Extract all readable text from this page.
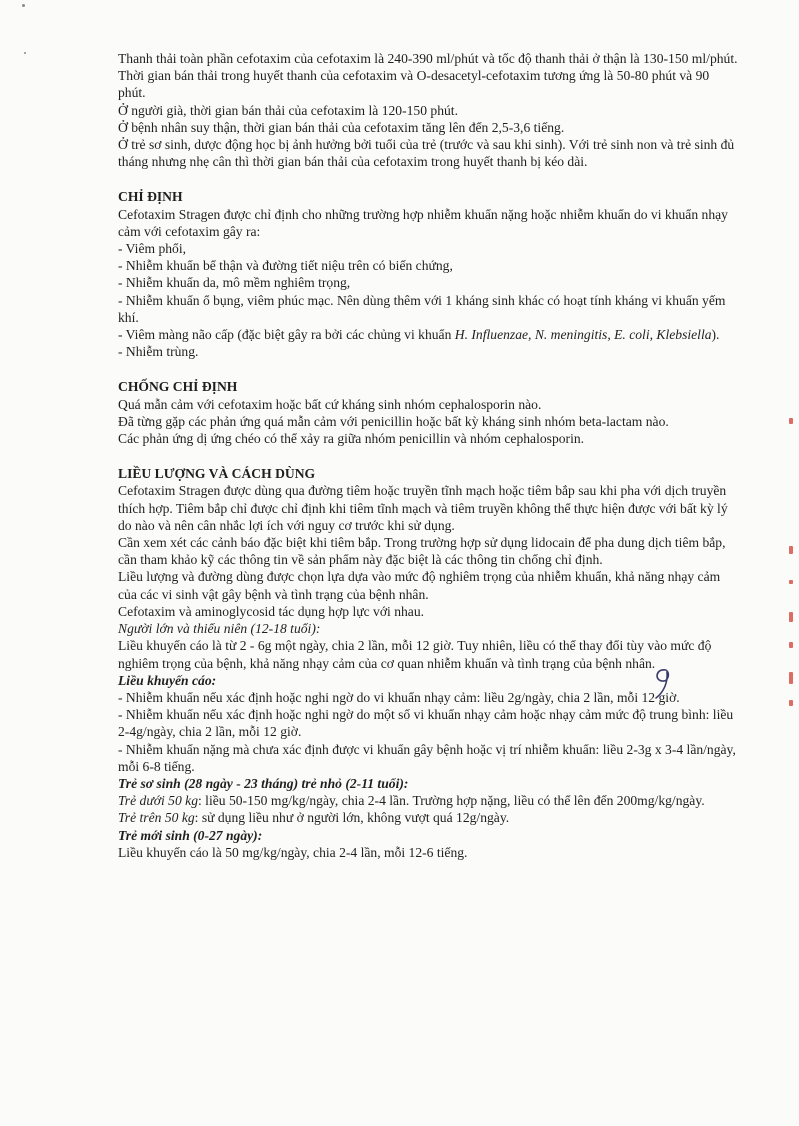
Thanh thải toàn phần cefotaxim của cefotaxim là 240-390 ml/phút và tốc độ thanh thải ở thận là 130-150 ml/phút. Thời gian bán thải trong huyết thanh của cefotaxim và O-desacetyl-cefotaxim tương ứng là 50-80 phút và 90 phút.

Ở người già, thời gian bán thải của cefotaxim là 120-150 phút.

Ở bệnh nhân suy thận, thời gian bán thải của cefotaxim tăng lên đến 2,5-3,6 tiếng.

Ở trẻ sơ sinh, dược động học bị ảnh hưởng bởi tuổi của trẻ (trước và sau khi sinh). Với trẻ sinh non và trẻ sinh đủ tháng nhưng nhẹ cân thì thời gian bán thải của cefotaxim trong huyết thanh bị kéo dài.

CHỈ ĐỊNH

Cefotaxim Stragen được chỉ định cho những trường hợp nhiễm khuẩn nặng hoặc nhiễm khuẩn do vi khuẩn nhạy cảm với cefotaxim gây ra:

- Viêm phổi,

- Nhiễm khuẩn bể thận và đường tiết niệu trên có biến chứng,

- Nhiễm khuẩn da, mô mềm nghiêm trọng,

- Nhiễm khuẩn ổ bụng, viêm phúc mạc. Nên dùng thêm với 1 kháng sinh khác có hoạt tính kháng vi khuẩn yếm khí.

- Viêm màng não cấp (đặc biệt gây ra bởi các chủng vi khuẩn H. Influenzae, N. meningitis, E. coli, Klebsiella).

- Nhiễm trùng.

CHỐNG CHỈ ĐỊNH

Quá mẫn cảm với cefotaxim hoặc bất cứ kháng sinh nhóm cephalosporin nào.

Đã từng gặp các phản ứng quá mẫn cảm với penicillin hoặc bất kỳ kháng sinh nhóm beta-lactam nào.

Các phản ứng dị ứng chéo có thể xảy ra giữa nhóm penicillin và nhóm cephalosporin.

LIỀU LƯỢNG VÀ CÁCH DÙNG

Cefotaxim Stragen được dùng qua đường tiêm hoặc truyền tĩnh mạch hoặc tiêm bắp sau khi pha với dịch truyền thích hợp. Tiêm bắp chỉ được chỉ định khi tiêm tĩnh mạch và tiêm truyền không thể thực hiện được với bất kỳ lý do nào và nên cân nhắc lợi ích với nguy cơ trước khi sử dụng.

Cần xem xét các cảnh báo đặc biệt khi tiêm bắp. Trong trường hợp sử dụng lidocain để pha dung dịch tiêm bắp, cần tham khảo kỹ các thông tin về sản phẩm này đặc biệt là các thông tin chống chỉ định.

Liều lượng và đường dùng được chọn lựa dựa vào mức độ nghiêm trọng của nhiễm khuẩn, khả năng nhạy cảm của các vi sinh vật gây bệnh và tình trạng của bệnh nhân.

Cefotaxim và aminoglycosid tác dụng hợp lực với nhau.

Người lớn và thiếu niên (12-18 tuổi):

Liều khuyến cáo là từ 2 - 6g một ngày, chia 2 lần, mỗi 12 giờ. Tuy nhiên, liều có thể thay đổi tùy vào mức độ nghiêm trọng của bệnh, khả năng nhạy cảm của cơ quan nhiễm khuẩn và tình trạng của bệnh nhân.

Liều khuyến cáo:

- Nhiễm khuẩn nếu xác định hoặc nghi ngờ do vi khuẩn nhạy cảm: liều 2g/ngày, chia 2 lần, mỗi 12 giờ.

- Nhiễm khuẩn nếu xác định hoặc nghi ngờ do một số vi khuẩn nhạy cảm hoặc nhạy cảm mức độ trung bình: liều 2-4g/ngày, chia 2 lần, mỗi 12 giờ.

- Nhiễm khuẩn nặng mà chưa xác định được vi khuẩn gây bệnh hoặc vị trí nhiễm khuẩn: liều 2-3g x 3-4 lần/ngày, mỗi 6-8 tiếng.

Trẻ sơ sinh (28 ngày - 23 tháng) trẻ nhỏ (2-11 tuổi):

Trẻ dưới 50 kg: liều 50-150 mg/kg/ngày, chia 2-4 lần. Trường hợp nặng, liều có thể lên đến 200mg/kg/ngày.

Trẻ trên 50 kg: sử dụng liều như ở người lớn, không vượt quá 12g/ngày.

Trẻ mới sinh (0-27 ngày):

Liều khuyến cáo là 50 mg/kg/ngày, chia 2-4 lần, mỗi 12-6 tiếng.
